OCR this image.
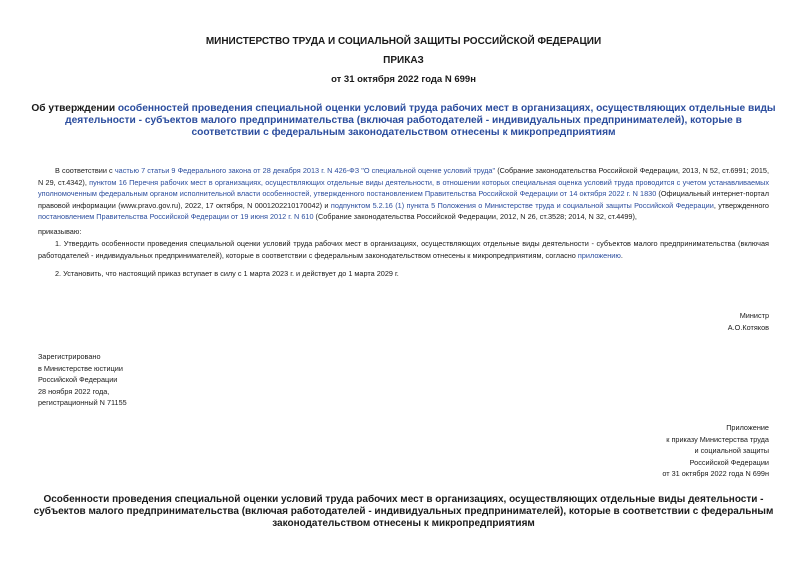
МИНИСТЕРСТВО ТРУДА И СОЦИАЛЬНОЙ ЗАЩИТЫ РОССИЙСКОЙ ФЕДЕРАЦИИ
ПРИКАЗ
от 31 октября 2022 года N 699н
Об утверждении особенностей проведения специальной оценки условий труда рабочих мест в организациях, осуществляющих отдельные виды деятельности - субъектов малого предпринимательства (включая работодателей - индивидуальных предпринимателей), которые в соответствии с федеральным законодательством отнесены к микропредприятиям
В соответствии с частью 7 статьи 9 Федерального закона от 28 декабря 2013 г. N 426-ФЗ "О специальной оценке условий труда" (Собрание законодательства Российской Федерации, 2013, N 52, ст.6991; 2015, N 29, ст.4342), пунктом 16 Перечня рабочих мест в организациях, осуществляющих отдельные виды деятельности, в отношении которых специальная оценка условий труда проводится с учетом устанавливаемых уполномоченным федеральным органом исполнительной власти особенностей, утвержденного постановлением Правительства Российской Федерации от 14 октября 2022 г. N 1830 (Официальный интернет-портал правовой информации (www.pravo.gov.ru), 2022, 17 октября, N 0001202210170042) и подпунктом 5.2.16 (1) пункта 5 Положения о Министерстве труда и социальной защиты Российской Федерации, утвержденного постановлением Правительства Российской Федерации от 19 июня 2012 г. N 610 (Собрание законодательства Российской Федерации, 2012, N 26, ст.3528; 2014, N 32, ст.4499),
приказываю:
1. Утвердить особенности проведения специальной оценки условий труда рабочих мест в организациях, осуществляющих отдельные виды деятельности - субъектов малого предпринимательства (включая работодателей - индивидуальных предпринимателей), которые в соответствии с федеральным законодательством отнесены к микропредприятиям, согласно приложению.
2. Установить, что настоящий приказ вступает в силу с 1 марта 2023 г. и действует до 1 марта 2029 г.
Министр
А.О.Котяков
Зарегистрировано
в Министерстве юстиции
Российской Федерации
28 ноября 2022 года,
регистрационный N 71155
Приложение
к приказу Министерства труда
и социальной защиты
Российской Федерации
от 31 октября 2022 года N 699н
Особенности проведения специальной оценки условий труда рабочих мест в организациях, осуществляющих отдельные виды деятельности - субъектов малого предпринимательства (включая работодателей - индивидуальных предпринимателей), которые в соответствии с федеральным законодательством отнесены к микропредприятиям
